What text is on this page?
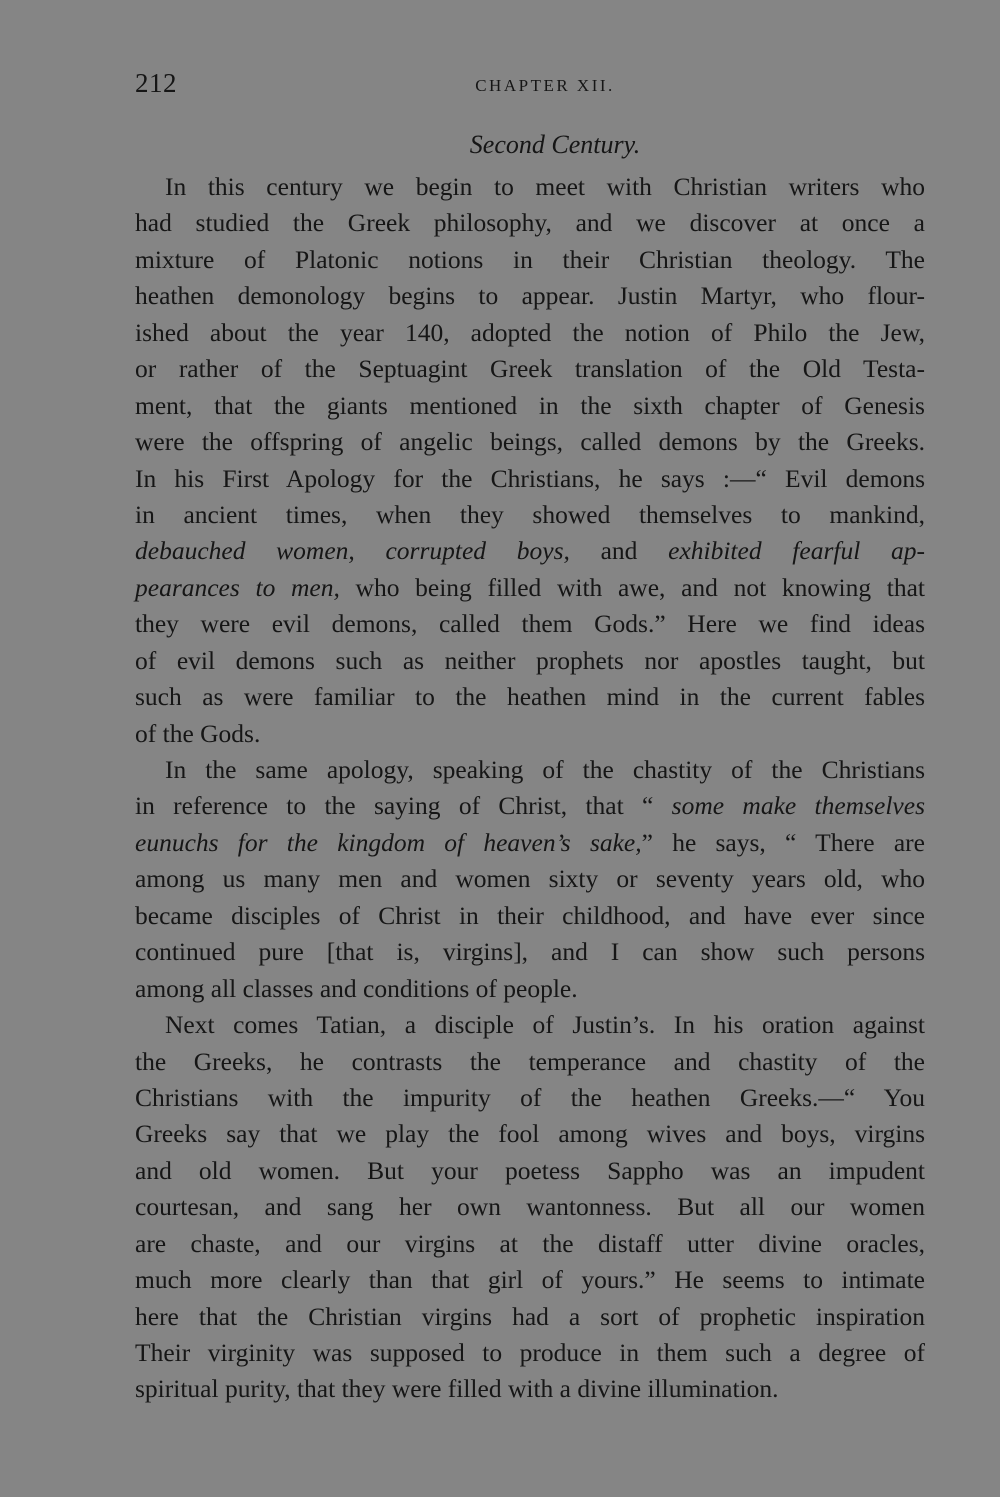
212	CHAPTER XII.
Second Century.
In this century we begin to meet with Christian writers who
had studied the Greek philosophy, and we discover at once a
mixture of Platonic notions in their Christian theology. The
heathen demonology begins to appear. Justin Martyr, who flour-
ished about the year 140, adopted the notion of Philo the Jew,
or rather of the Septuagint Greek translation of the Old Testa-
ment, that the giants mentioned in the sixth chapter of Genesis
were the offspring of angelic beings, called demons by the Greeks.
In his First Apology for the Christians, he says :—“ Evil demons
in ancient times, when they showed themselves to mankind,
debauched women, corrupted boys, and exhibited fearful ap-
pearances to men, who being filled with awe, and not knowing that
they were evil demons, called them Gods.” Here we find ideas
of evil demons such as neither prophets nor apostles taught, but
such as were familiar to the heathen mind in the current fables
of the Gods.
In the same apology, speaking of the chastity of the Christians
in reference to the saying of Christ, that “ some make themselves
eunuchs for the kingdom of heaven’s sake,” he says, “ There are
among us many men and women sixty or seventy years old, who
became disciples of Christ in their childhood, and have ever since
continued pure [that is, virgins], and I can show such persons
among all classes and conditions of people.
Next comes Tatian, a disciple of Justin’s. In his oration against
the Greeks, he contrasts the temperance and chastity of the
Christians with the impurity of the heathen Greeks.—“ You
Greeks say that we play the fool among wives and boys, virgins
and old women. But your poetess Sappho was an impudent
courtesan, and sang her own wantonness. But all our women
are chaste, and our virgins at the distaff utter divine oracles,
much more clearly than that girl of yours.” He seems to intimate
here that the Christian virgins had a sort of prophetic inspiration
Their virginity was supposed to produce in them such a degree of
spiritual purity, that they were filled with a divine illumination.
